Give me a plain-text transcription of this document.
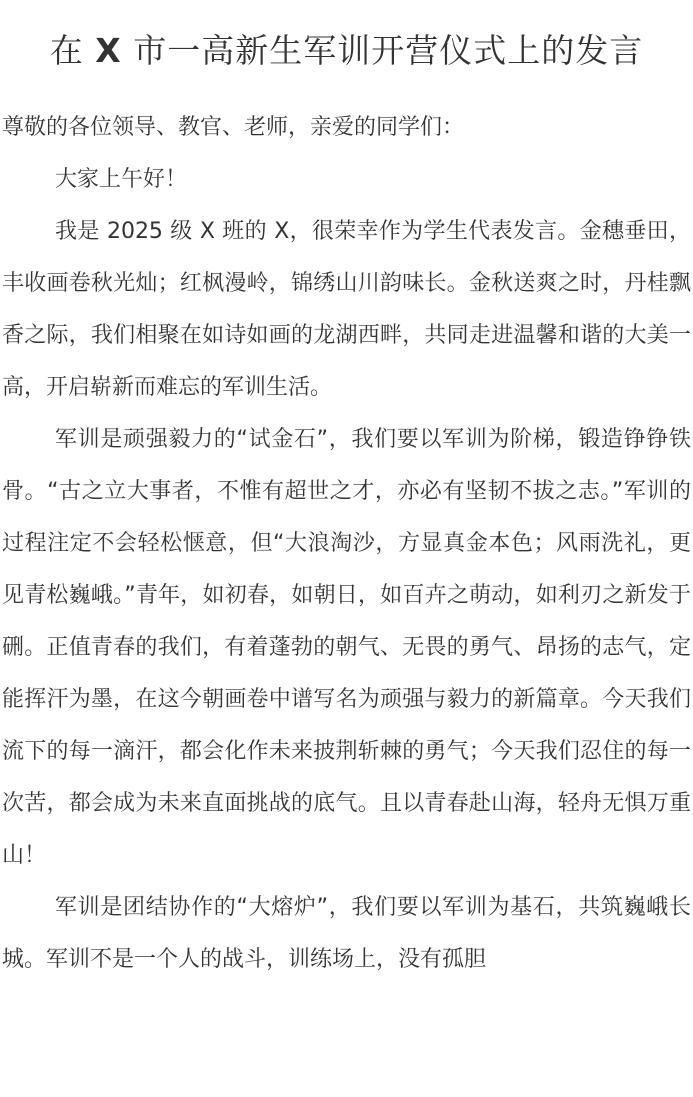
在 X 市一高新生军训开营仪式上的发言

尊敬的各位领导、教官、老师，亲爱的同学们：

大家上午好！

我是 2025 级 X 班的 X，很荣幸作为学生代表发言。金穗垂田，丰收画卷秋光灿；红枫漫岭，锦绣山川韵味长。金秋送爽之时，丹桂飘香之际，我们相聚在如诗如画的龙湖西畔，共同走进温馨和谐的大美一高，开启崭新而难忘的军训生活。

军训是顽强毅力的“试金石”，我们要以军训为阶梯，锻造铮铮铁骨。“古之立大事者，不惟有超世之才，亦必有坚韧不拔之志。”军训的过程注定不会轻松惬意，但“大浪淘沙，方显真金本色；风雨洗礼，更见青松巍峨。”青年，如初春，如朝日，如百卉之萌动，如利刃之新发于硎。正值青春的我们，有着蓬勃的朝气、无畏的勇气、昂扬的志气，定能挥汗为墨，在这今朝画卷中谱写名为顽强与毅力的新篇章。今天我们流下的每一滴汗，都会化作未来披荆斩棘的勇气；今天我们忍住的每一次苦，都会成为未来直面挑战的底气。且以青春赴山海，轻舟无惧万重山！

军训是团结协作的“大熔炉”，我们要以军训为基石，共筑巍峨长城。军训不是一个人的战斗，训练场上，没有孤胆
